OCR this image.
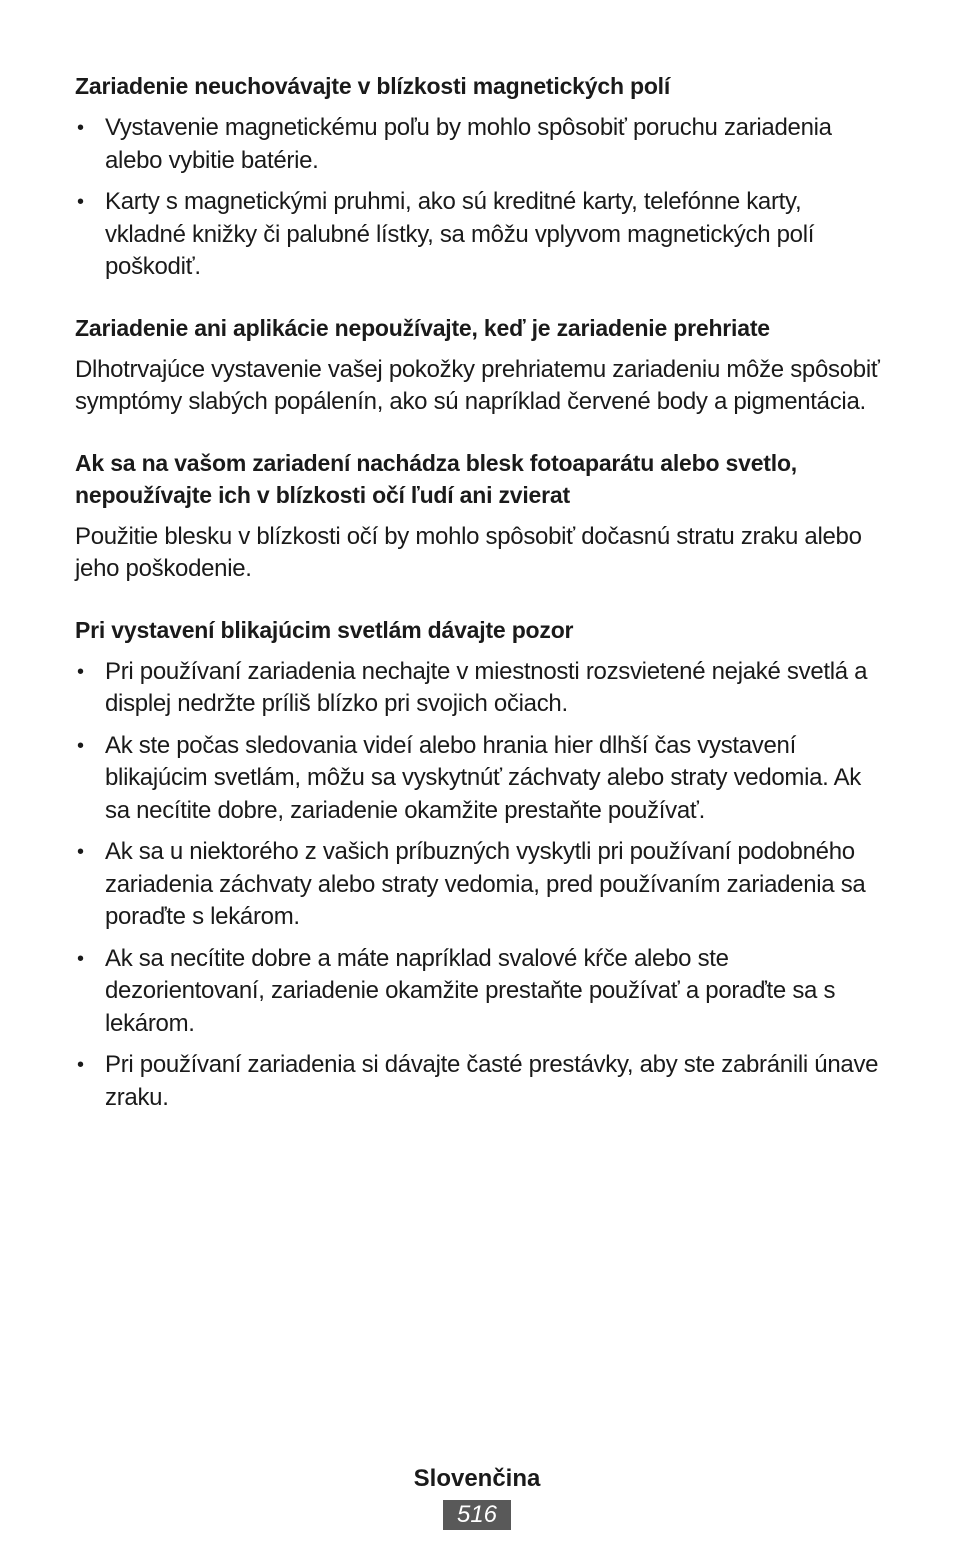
Zariadenie neuchovávajte v blízkosti magnetických polí
• Vystavenie magnetickému poľu by mohlo spôsobiť poruchu zariadenia alebo vybitie batérie.
• Karty s magnetickými pruhmi, ako sú kreditné karty, telefónne karty, vkladné knižky či palubné lístky, sa môžu vplyvom magnetických polí poškodiť.
Zariadenie ani aplikácie nepoužívajte, keď je zariadenie prehriate

Dlhotrvajúce vystavenie vašej pokožky prehriatemu zariadeniu môže spôsobiť symptómy slabých popálenín, ako sú napríklad červené body a pigmentácia.

Ak sa na vašom zariadení nachádza blesk fotoaparátu alebo svetlo, nepoužívajte ich v blízkosti očí ľudí ani zvierat

Použitie blesku v blízkosti očí by mohlo spôsobiť dočasnú stratu zraku alebo jeho poškodenie.

Pri vystavení blikajúcim svetlám dávajte pozor
• Pri používaní zariadenia nechajte v miestnosti rozsvietené nejaké svetlá a displej nedržte príliš blízko pri svojich očiach.
• Ak ste počas sledovania videí alebo hrania hier dlhší čas vystavení blikajúcim svetlám, môžu sa vyskytnúť záchvaty alebo straty vedomia. Ak sa necítite dobre, zariadenie okamžite prestaňte používať.
• Ak sa u niektorého z vašich príbuzných vyskytli pri používaní podobného zariadenia záchvaty alebo straty vedomia, pred používaním zariadenia sa poraďte s lekárom.
• Ak sa necítite dobre a máte napríklad svalové kŕče alebo ste dezorientovaní, zariadenie okamžite prestaňte používať a poraďte sa s lekárom.
• Pri používaní zariadenia si dávajte časté prestávky, aby ste zabránili únave zraku.
Slovenčina
516
